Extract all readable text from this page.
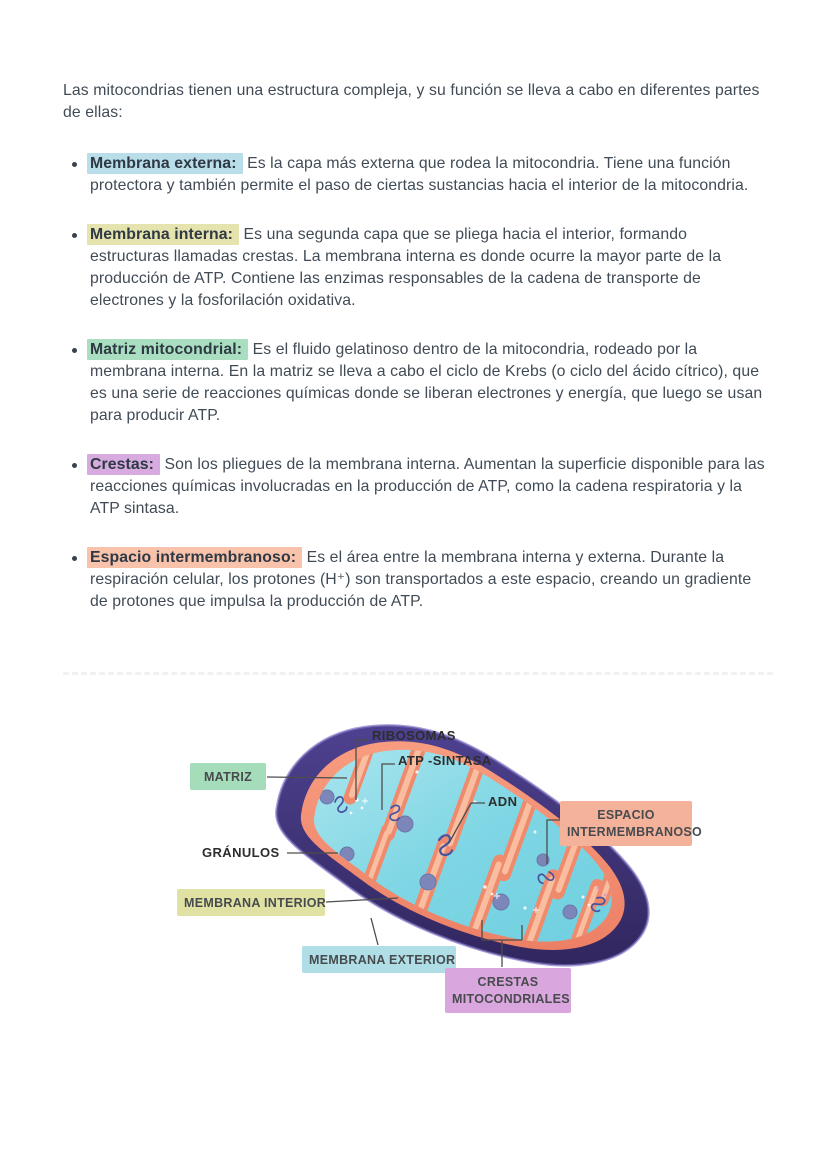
Las mitocondrias tienen una estructura compleja, y su función se lleva a cabo en diferentes partes de ellas:

Membrana externa: Es la capa más externa que rodea la mitocondria. Tiene una función protectora y también permite el paso de ciertas sustancias hacia el interior de la mitocondria.
Membrana interna: Es una segunda capa que se pliega hacia el interior, formando estructuras llamadas crestas. La membrana interna es donde ocurre la mayor parte de la producción de ATP. Contiene las enzimas responsables de la cadena de transporte de electrones y la fosforilación oxidativa.
Matriz mitocondrial: Es el fluido gelatinoso dentro de la mitocondria, rodeado por la membrana interna. En la matriz se lleva a cabo el ciclo de Krebs (o ciclo del ácido cítrico), que es una serie de reacciones químicas donde se liberan electrones y energía, que luego se usan para producir ATP.
Crestas: Son los pliegues de la membrana interna. Aumentan la superficie disponible para las reacciones químicas involucradas en la producción de ATP, como la cadena respiratoria y la ATP sintasa.
Espacio intermembranoso: Es el área entre la membrana interna y externa. Durante la respiración celular, los protones (H⁺) son transportados a este espacio, creando un gradiente de protones que impulsa la producción de ATP.
RIBOSOMAS
ATP -SINTASA
ADN
GRÁNULOS
MATRIZ
ESPACIO
INTERMEMBRANOSO
MEMBRANA INTERIOR
MEMBRANA EXTERIOR
CRESTAS
MITOCONDRIALES
